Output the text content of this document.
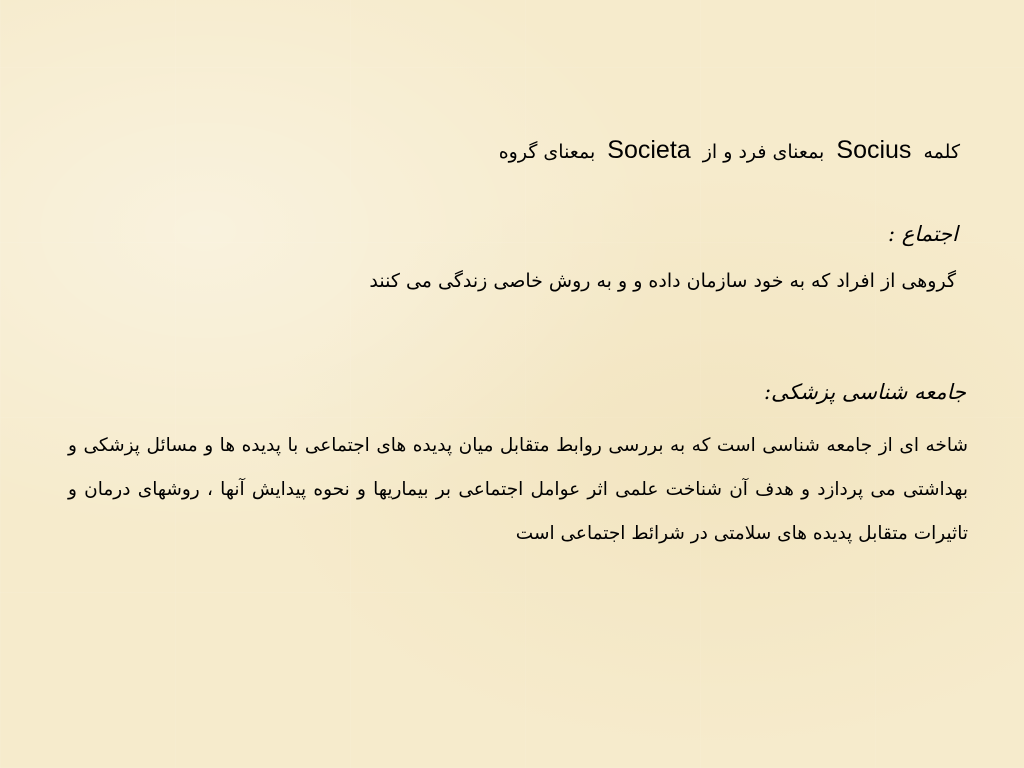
کلمه Socius بمعنای فرد و از Societa بمعنای گروه
اجتماع :
گروهی از افراد که به خود سازمان داده و و به روش خاصی زندگی می کنند
جامعه شناسی پزشکی:
شاخه ای از جامعه شناسی است که به بررسی روابط متقابل میان پدیده های اجتماعی با پدیده ها و مسائل پزشکی و بهداشتی می پردازد و هدف آن شناخت علمی اثر عوامل اجتماعی بر بیماریها و نحوه پیدایش آنها ، روشهای درمان و تاثیرات متقابل پدیده های سلامتی در شرائط اجتماعی است
